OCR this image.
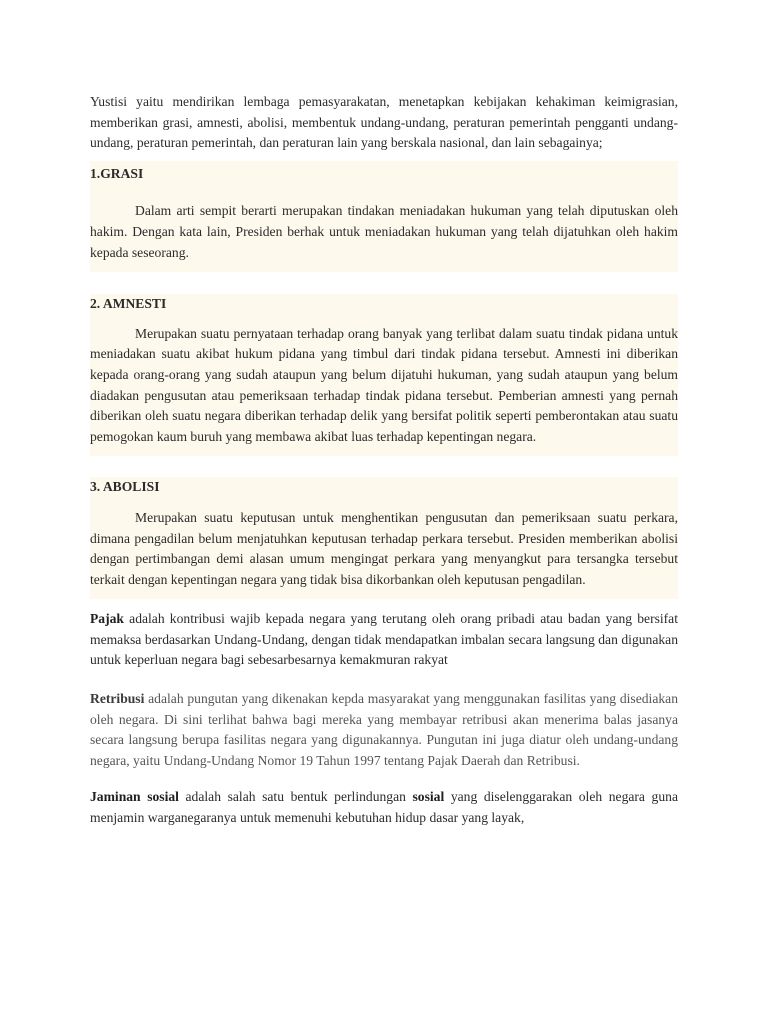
Yustisi yaitu mendirikan lembaga pemasyarakatan, menetapkan kebijakan kehakiman keimigrasian, memberikan grasi, amnesti, abolisi, membentuk undang-undang, peraturan pemerintah pengganti undang-undang, peraturan pemerintah, dan peraturan lain yang berskala nasional, dan lain sebagainya;

1.GRASI

Dalam arti sempit berarti merupakan tindakan meniadakan hukuman yang telah diputuskan oleh hakim. Dengan kata lain, Presiden berhak untuk meniadakan hukuman yang telah dijatuhkan oleh hakim kepada seseorang.

2. AMNESTI

Merupakan suatu pernyataan terhadap orang banyak yang terlibat dalam suatu tindak pidana untuk meniadakan suatu akibat hukum pidana yang timbul dari tindak pidana tersebut. Amnesti ini diberikan kepada orang-orang yang sudah ataupun yang belum dijatuhi hukuman, yang sudah ataupun yang belum diadakan pengusutan atau pemeriksaan terhadap tindak pidana tersebut. Pemberian amnesti yang pernah diberikan oleh suatu negara diberikan terhadap delik yang bersifat politik seperti pemberontakan atau suatu pemogokan kaum buruh yang membawa akibat luas terhadap kepentingan negara.

3. ABOLISI

Merupakan suatu keputusan untuk menghentikan pengusutan dan pemeriksaan suatu perkara, dimana pengadilan belum menjatuhkan keputusan terhadap perkara tersebut. Presiden memberikan abolisi dengan pertimbangan demi alasan umum mengingat perkara yang menyangkut para tersangka tersebut terkait dengan kepentingan negara yang tidak bisa dikorbankan oleh keputusan pengadilan.

Pajak adalah kontribusi wajib kepada negara yang terutang oleh orang pribadi atau badan yang bersifat memaksa berdasarkan Undang-Undang, dengan tidak mendapatkan imbalan secara langsung dan digunakan untuk keperluan negara bagi sebesarbesarnya kemakmuran rakyat

Retribusi adalah pungutan yang dikenakan kepda masyarakat yang menggunakan fasilitas yang disediakan oleh negara. Di sini terlihat bahwa bagi mereka yang membayar retribusi akan menerima balas jasanya secara langsung berupa fasilitas negara yang digunakannya. Pungutan ini juga diatur oleh undang-undang negara, yaitu Undang-Undang Nomor 19 Tahun 1997 tentang Pajak Daerah dan Retribusi.

Jaminan sosial adalah salah satu bentuk perlindungan sosial yang diselenggarakan oleh negara guna menjamin warganegaranya untuk memenuhi kebutuhan hidup dasar yang layak,
